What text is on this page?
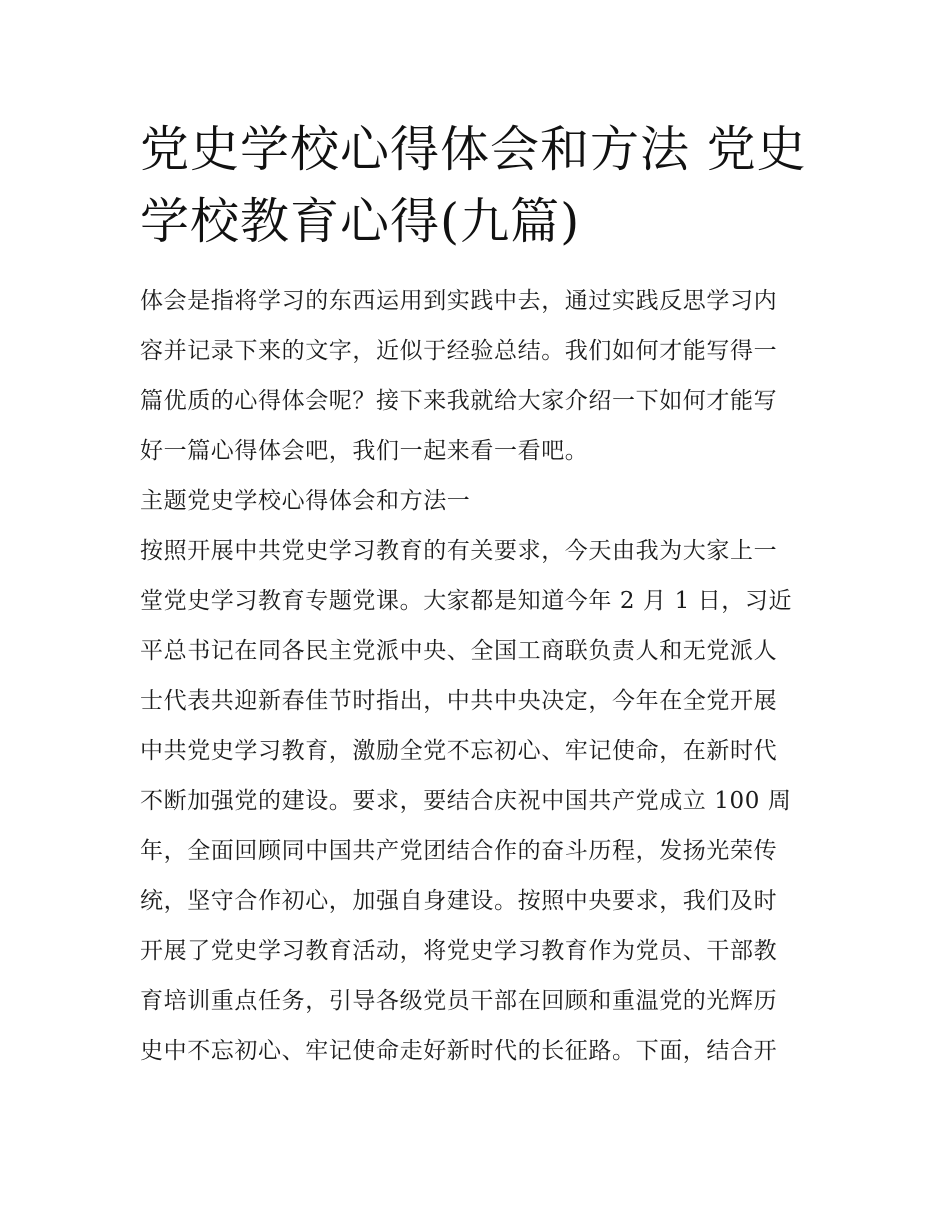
党史学校心得体会和方法 党史
学校教育心得(九篇)
体会是指将学习的东西运用到实践中去，通过实践反思学习内
容并记录下来的文字，近似于经验总结。我们如何才能写得一
篇优质的心得体会呢？接下来我就给大家介绍一下如何才能写
好一篇心得体会吧，我们一起来看一看吧。
主题党史学校心得体会和方法一
按照开展中共党史学习教育的有关要求，今天由我为大家上一
堂党史学习教育专题党课。大家都是知道今年 2 月 1 日，习近
平总书记在同各民主党派中央、全国工商联负责人和无党派人
士代表共迎新春佳节时指出，中共中央决定，今年在全党开展
中共党史学习教育，激励全党不忘初心、牢记使命，在新时代
不断加强党的建设。要求，要结合庆祝中国共产党成立 100 周
年，全面回顾同中国共产党团结合作的奋斗历程，发扬光荣传
统，坚守合作初心，加强自身建设。按照中央要求，我们及时
开展了党史学习教育活动，将党史学习教育作为党员、干部教
育培训重点任务，引导各级党员干部在回顾和重温党的光辉历
史中不忘初心、牢记使命走好新时代的长征路。下面，结合开
